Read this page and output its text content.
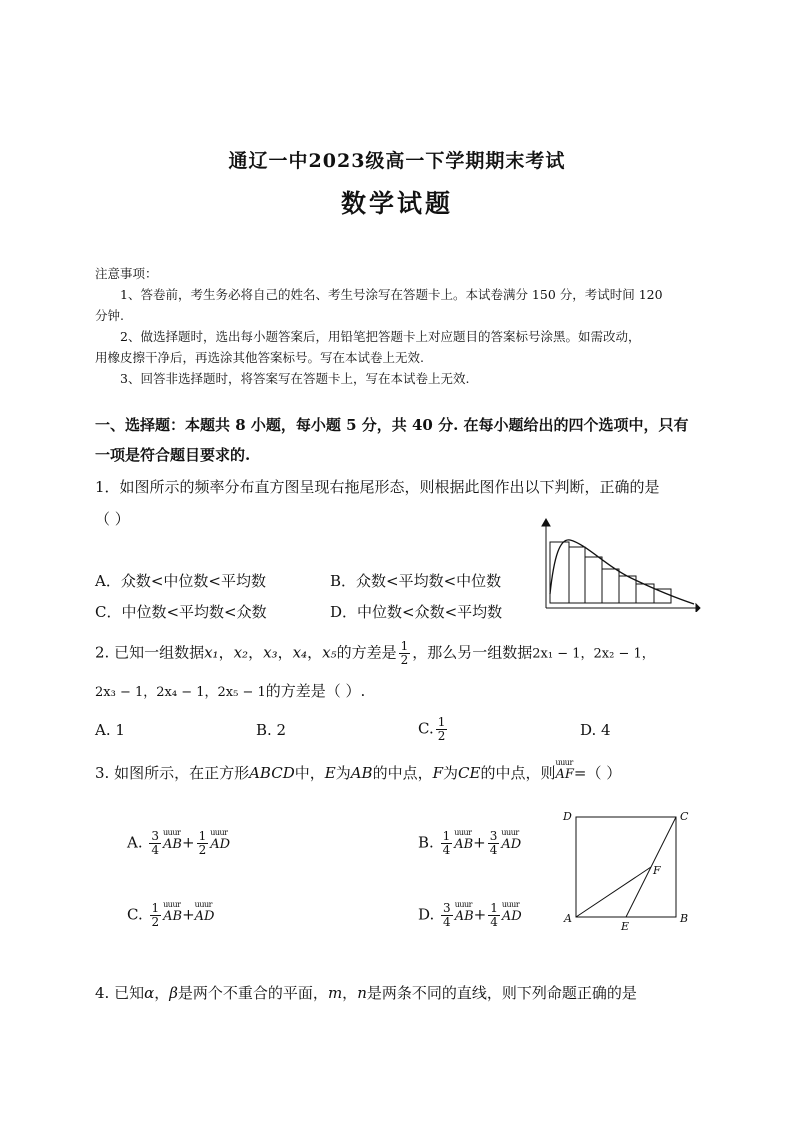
通辽一中2023级高一下学期期末考试
数学试题
注意事项：
1、答卷前，考生务必将自己的姓名、考生号涂写在答题卡上。本试卷满分 150 分，考试时间 120
分钟.
2、做选择题时，选出每小题答案后，用铅笔把答题卡上对应题目的答案标号涂黑。如需改动，
用橡皮擦干净后，再选涂其他答案标号。写在本试卷上无效.
3、回答非选择题时，将答案写在答题卡上，写在本试卷上无效.
一、选择题：本题共 8 小题，每小题 5 分，共 40 分. 在每小题给出的四个选项中，只有
一项是符合题目要求的.
1．如图所示的频率分布直方图呈现右拖尾形态，则根据此图作出以下判断，正确的是
（ ）
A．众数<中位数<平均数	B．众数<平均数<中位数
C．中位数<平均数<众数	D．中位数<众数<平均数
2. 已知一组数据x₁，x₂，x₃，x₄，x₅的方差是 $\frac{1}{2}$ ，那么另一组数据2x₁ − 1，2x₂ − 1，
2x₃ − 1，2x₄ − 1，2x₅ − 1的方差是（ ）.
A. 1	B. 2	C. $\frac{1}{2}$	D. 4
3. 如图所示，在正方形ABCD中，E为AB的中点，F为CE的中点，则uuur AF=（ ）
A. $\frac{3}{4}$ uuur $AB+ \frac{1}{2}$ uuur AD	B. $\frac{1}{4}$ uuur $AB+ \frac{3}{4}$ uuur AD
C. $\frac{1}{2}$ uuur AB+uuur AD	D. $\frac{3}{4}$ uuur $AB+ \frac{1}{4}$ uuur AD
D	C
A	B
E
F
4. 已知α，β是两个不重合的平面，m，n是两条不同的直线，则下列命题正确的是
